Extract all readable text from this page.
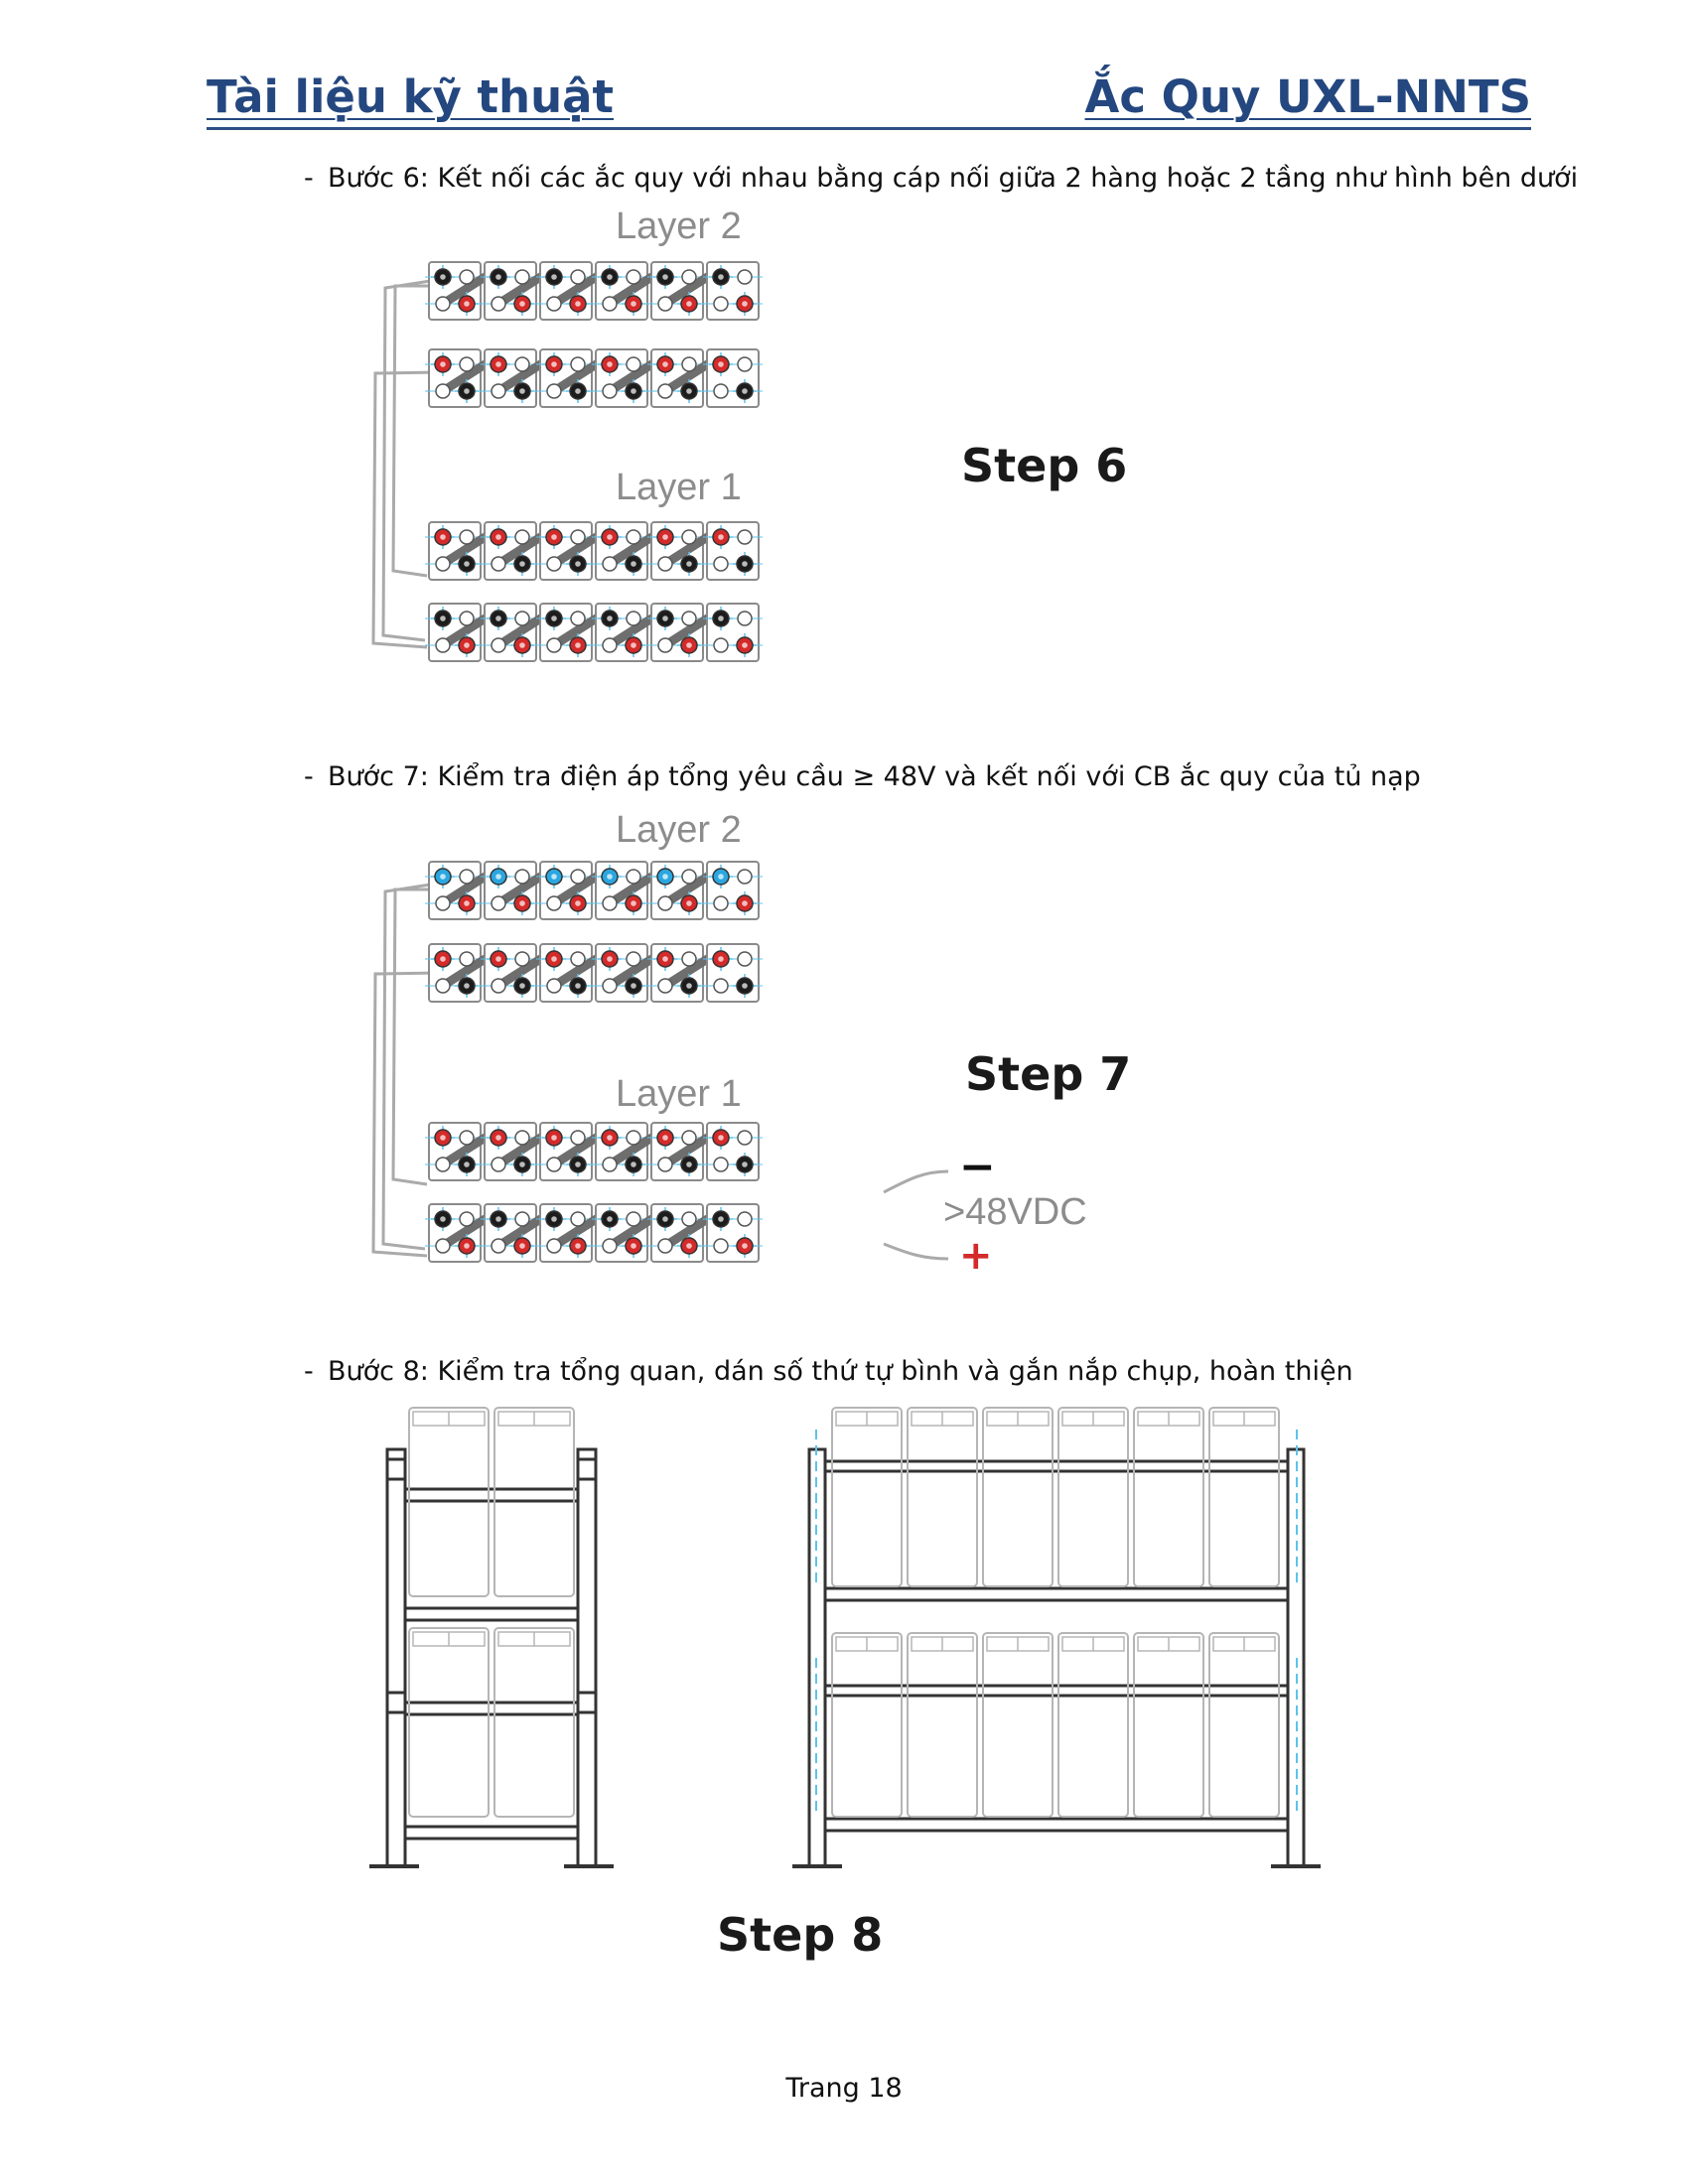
Tài liệu kỹ thuật	Ắc Quy UXL-NNTS
- Bước 6: Kết nối các ắc quy với nhau bằng cáp nối giữa 2 hàng hoặc 2 tầng như hình bên dưới
Layer 2
Layer 1	Step 6
- Bước 7: Kiểm tra điện áp tổng yêu cầu ≥ 48V và kết nối với CB ắc quy của tủ nạp
Layer 2
Layer 1	Step 7
−
>48VDC
+
- Bước 8: Kiểm tra tổng quan, dán số thứ tự bình và gắn nắp chụp, hoàn thiện
Step 8
Trang 18
